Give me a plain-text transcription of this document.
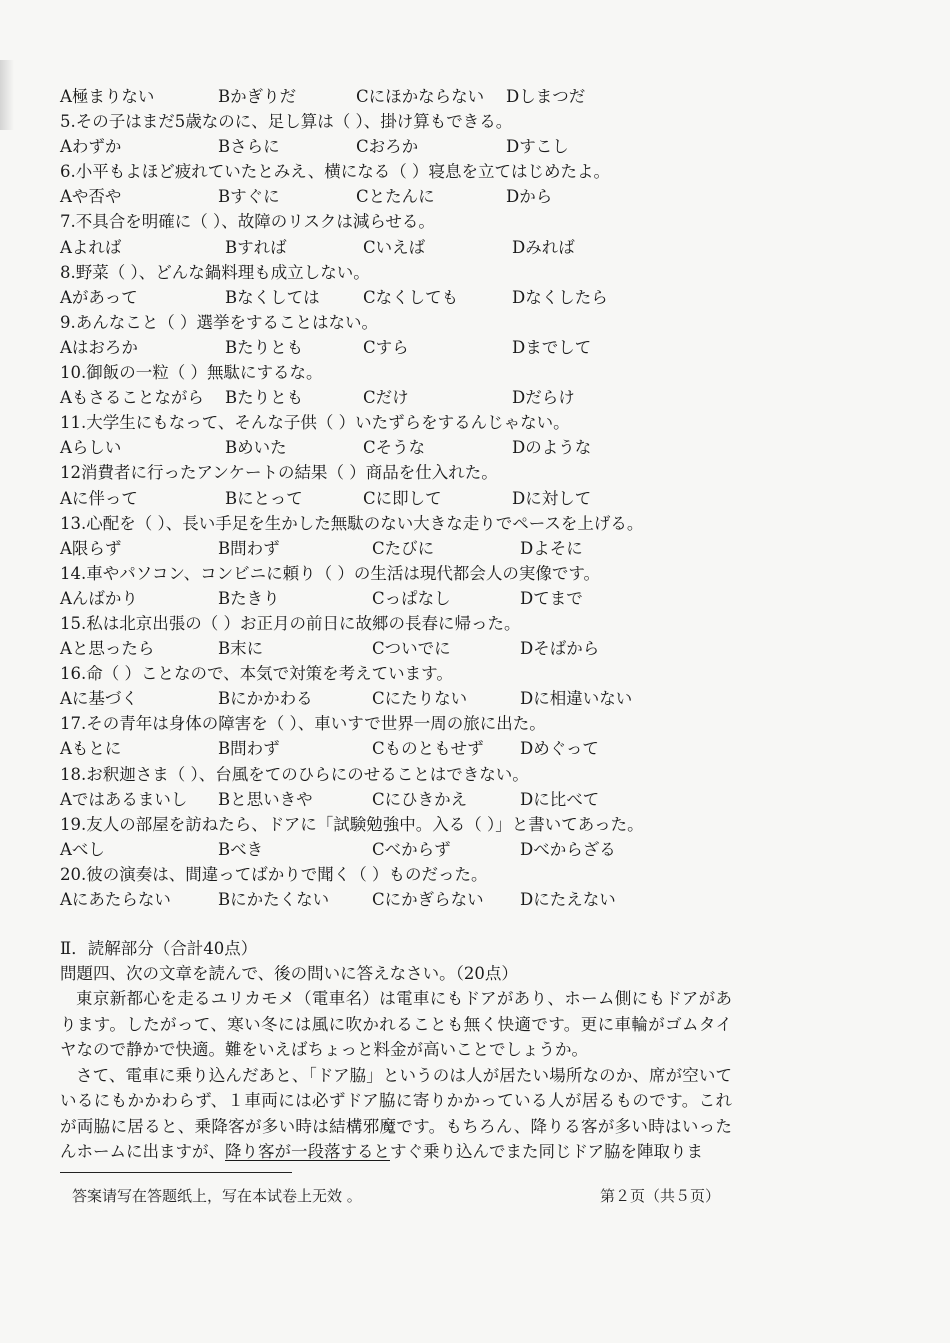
A極まりない	Bかぎりだ	Cにほかならない Dしまつだ
5.その子はまだ5歳なのに、足し算は（ ）、掛け算もできる。
Aわずか	Bさらに	Cおろか	Dすこし
6.小平もよほど疲れていたとみえ、横になる（ ）寝息を立てはじめたよ。
Aや否や	Bすぐに	Cとたんに	Dから
7.不具合を明確に（ ）、故障のリスクは減らせる。
Aよれば	Bすれば	Cいえば	Dみれば
8.野菜（ ）、どんな鍋料理も成立しない。
Aがあって	Bなくしては	Cなくしても	Dなくしたら
9.あんなこと（ ）選挙をすることはない。
Aはおろか	Bたりとも	Cすら	Dまでして
10.御飯の一粒（ ）無駄にするな。
Aもさることながら Bたりとも	Cだけ	Dだらけ
11.大学生にもなって、そんな子供（ ）いたずらをするんじゃない。
Aらしい	Bめいた	Cそうな	Dのような
12消費者に行ったアンケートの結果（ ）商品を仕入れた。
Aに伴って	Bにとって	Cに即して	Dに対して
13.心配を（ ）、長い手足を生かした無駄のない大きな走りでペースを上げる。
A限らず	B問わず	Cたびに	Dよそに
14.車やパソコン、コンビニに頼り（ ）の生活は現代都会人の実像です。
Aんばかり	Bたきり	Cっぱなし	Dてまで
15.私は北京出張の（ ）お正月の前日に故郷の長春に帰った。
Aと思ったら	B末に	Cついでに	Dそばから
16.命（ ）ことなので、本気で対策を考えています。
Aに基づく	Bにかかわる	Cにたりない	Dに相違いない
17.その青年は身体の障害を（ ）、車いすで世界一周の旅に出た。
Aもとに	B問わず	Cものともせず Dめぐって
18.お釈迦さま（ ）、台風をてのひらにのせることはできない。
Aではあるまいし Bと思いきや	Cにひきかえ	Dに比べて
19.友人の部屋を訪ねたら、ドアに「試験勉強中。入る（ ）」と書いてあった。
Aべし	Bべき	Cべからず	Dべからざる
20.彼の演奏は、間違ってばかりで聞く（ ）ものだった。
Aにあたらない	Bにかたくない	Cにかぎらない Dにたえない
Ⅱ．読解部分（合計40点）
問題四、次の文章を読んで、後の問いに答えなさい。（20点）
東京新都心を走るユリカモメ（電車名）は電車にもドアがあり、ホーム側にもドアがあります。したがって、寒い冬には風に吹かれることも無く快適です。更に車輪がゴムタイヤなので静かで快適。難をいえばちょっと料金が高いことでしょうか。
さて、電車に乗り込んだあと、「ドア脇」というのは人が居たい場所なのか、席が空いているにもかかわらず、１車両には必ずドア脇に寄りかかっている人が居るものです。これが両脇に居ると、乗降客が多い時は結構邪魔です。もちろん、降りる客が多い時はいったんホームに出ますが、降り客が一段落するとすぐ乗り込んでまた同じドア脇を陣取りま
答案请写在答题纸上，写在本试卷上无效 。	第２页（共５页）
